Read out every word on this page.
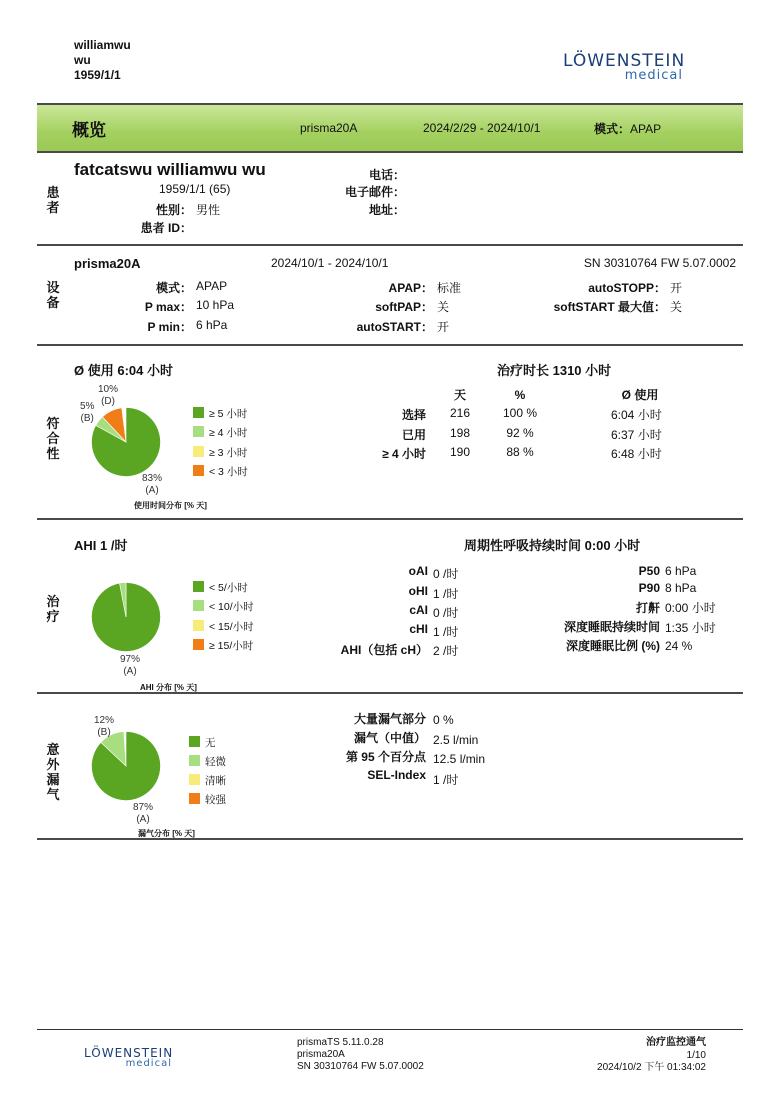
williamwu
wu
1959/1/1
LÖWENSTEIN
medical
概览	prisma20A	2024/2/29 - 2024/10/1	模式：APAP
患者
fatcatswu williamwu wu
1959/1/1 (65)
性别： 男性
患者 ID：
电话：
电子邮件：
地址：
设备
prisma20A	2024/10/1 - 2024/10/1	SN 30310764 FW 5.07.0002
模式： APAP
P max： 10 hPa
P min： 6 hPa
APAP： 标准
softPAP： 关
autoSTART： 开
autoSTOPP： 开
softSTART 最大值： 关
符合性
Ø 使用 6:04 小时	治疗时长 1310 小时
10%
(D)
5%
(B)
83%
(A)
使用时间分布 [% 天]
≥ 5 小时
≥ 4 小时
≥ 3 小时
< 3 小时
天	%	Ø 使用
选择	216	100 %	6:04 小时
已用	198	92 %	6:37 小时
≥ 4 小时	190	88 %	6:48 小时
治疗
AHI 1 /时	周期性呼吸持续时间 0:00 小时
97%
(A)
AHI 分布 [% 天]
< 5/小时
< 10/小时
< 15/小时
≥ 15/小时
oAI 0 /时
oHI 1 /时
cAI 0 /时
cHI 1 /时
AHI（包括 cH） 2 /时
P50 6 hPa
P90 8 hPa
打鼾 0:00 小时
深度睡眠持续时间 1:35 小时
深度睡眠比例 (%) 24 %
意外漏气
12%
(B)
87%
(A)
漏气分布 [% 天]
无
轻微
清晰
较强
大量漏气部分 0 %
漏气（中值） 2.5 l/min
第 95 个百分点 12.5 l/min
SEL-Index 1 /时
LÖWENSTEIN
medical
prismaTS 5.11.0.28
prisma20A
SN 30310764 FW 5.07.0002
治疗监控通气
1/10
2024/10/2 下午 01:34:02
